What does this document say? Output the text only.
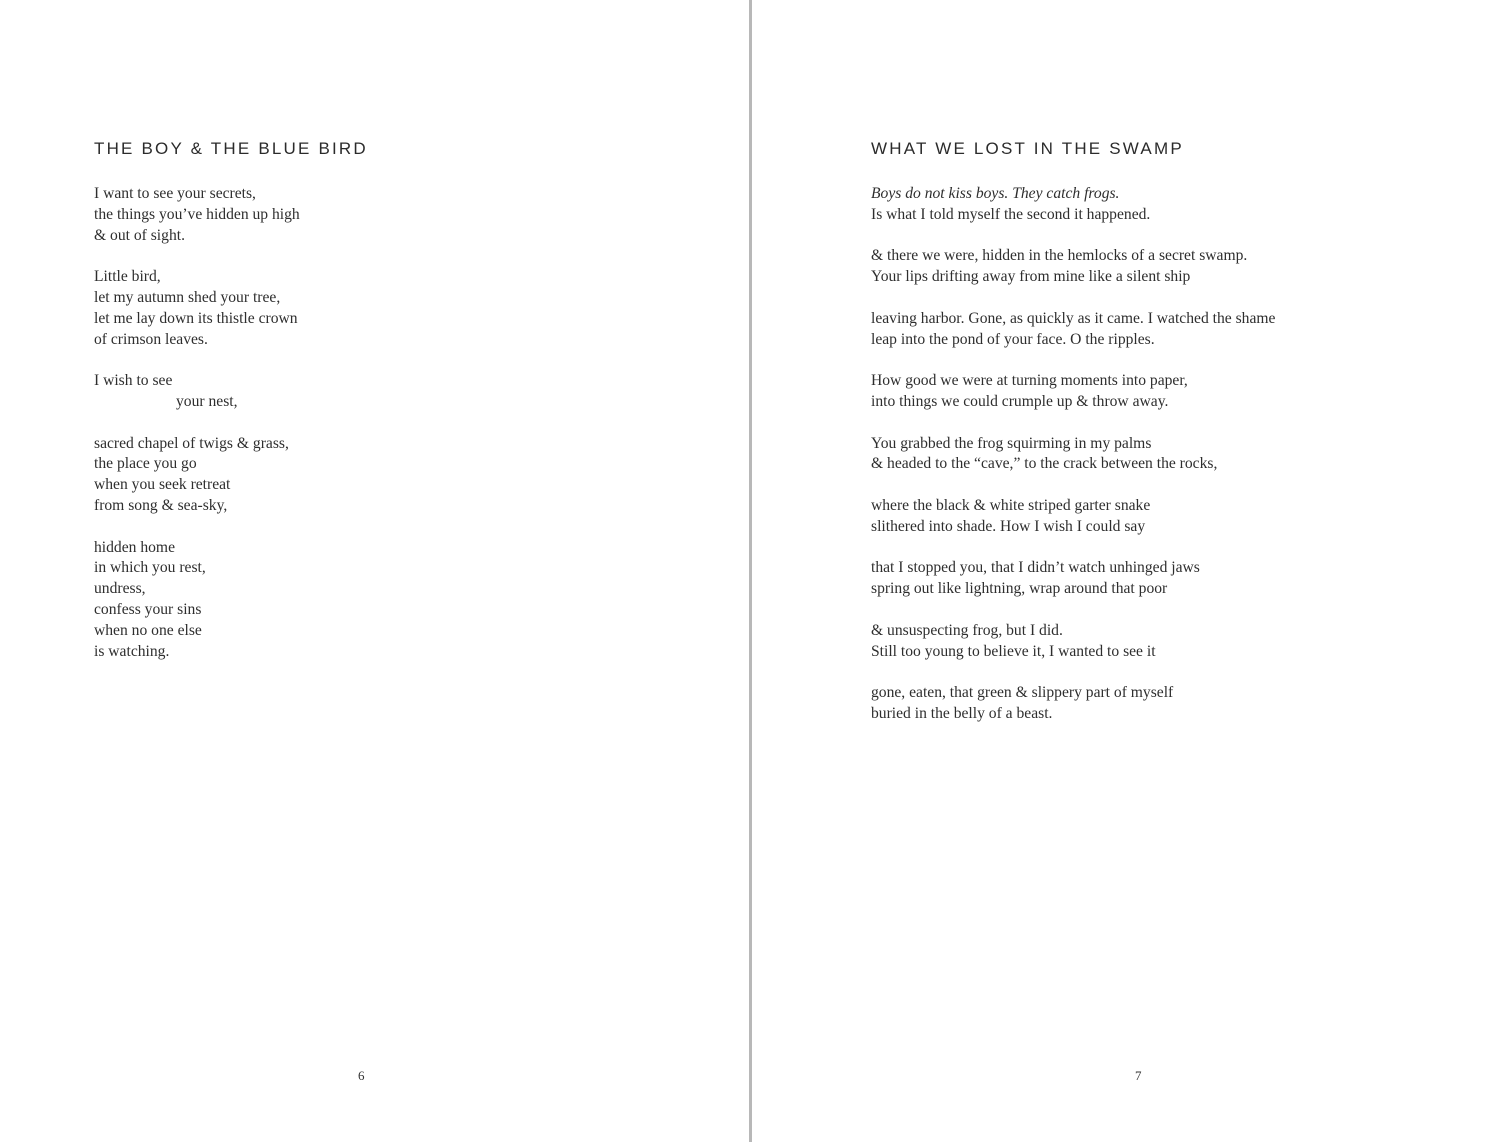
THE BOY & THE BLUE BIRD

I want to see your secrets,
the things you’ve hidden up high
& out of sight.

Little bird,
let my autumn shed your tree,
let me lay down its thistle crown
of crimson leaves.

I wish to see
your nest,

sacred chapel of twigs & grass,
the place you go
when you seek retreat
from song & sea-sky,

hidden home
in which you rest,
undress,
confess your sins
when no one else
is watching.

6
WHAT WE LOST IN THE SWAMP

Boys do not kiss boys. They catch frogs.
Is what I told myself the second it happened.

& there we were, hidden in the hemlocks of a secret swamp.
Your lips drifting away from mine like a silent ship

leaving harbor. Gone, as quickly as it came. I watched the shame
leap into the pond of your face. O the ripples.

How good we were at turning moments into paper,
into things we could crumple up & throw away.

You grabbed the frog squirming in my palms
& headed to the “cave,” to the crack between the rocks,

where the black & white striped garter snake
slithered into shade. How I wish I could say

that I stopped you, that I didn’t watch unhinged jaws
spring out like lightning, wrap around that poor

& unsuspecting frog, but I did.
Still too young to believe it, I wanted to see it

gone, eaten, that green & slippery part of myself
buried in the belly of a beast.

7
